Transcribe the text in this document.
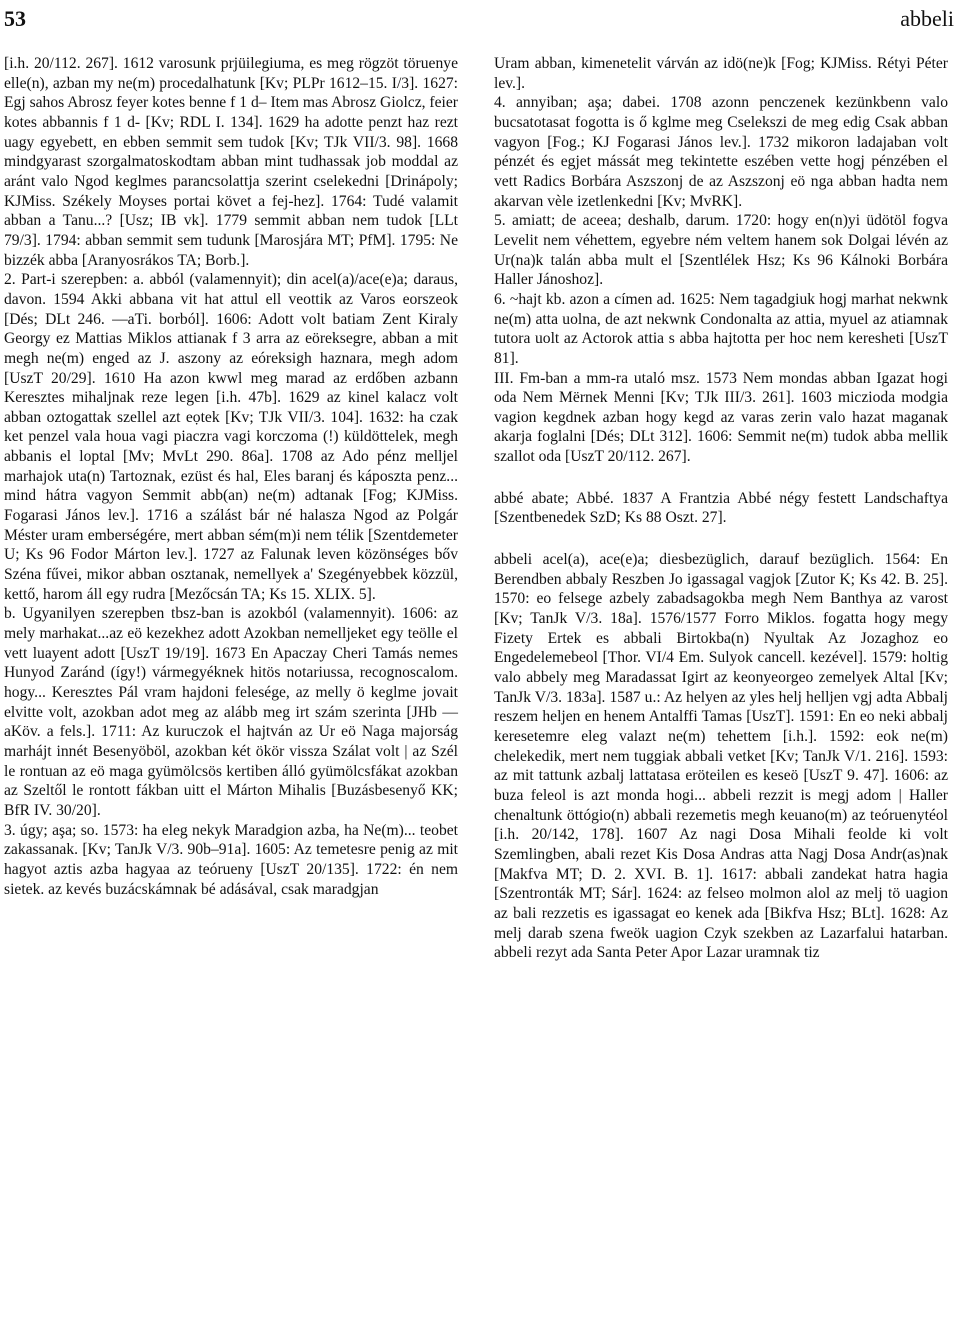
53	abbeli

[i.h. 20/112. 267]. 1612 varosunk prjüilegiuma, es meg rögzöt töruenye elle(n), azban my ne(m) procedalhatunk [Kv; PLPr 1612–15. I/3]. 1627: Egj sahos Abrosz feyer kotes benne f 1 d– Item mas Abrosz Giolcz, feier kotes abbannis f 1 d- [Kv; RDL I. 134]. 1629 ha adotte penzt haz rezt uagy egyebett, en ebben semmit sem tudok [Kv; TJk VII/3. 98]. 1668 mindgyarast szorgalmatoskodtam abban mint tudhassak job moddal az aránt valo Ngod keglmes parancsolattja szerint cselekedni [Drinápoly; KJMiss. Székely Moyses portai követ a fej-hez]. 1764: Tudé valamit abban a Tanu...? [Usz; IB vk]. 1779 semmit abban nem tudok [LLt 79/3]. 1794: abban semmit sem tudunk [Marosjára MT; PfM]. 1795: Ne bizzék abba [Aranyosrákos TA; Borb.].

2. Part-i szerepben: a. abból (valamennyit); din acel(a)/ace(e)a; daraus, davon. 1594 Akki abbana vit hat attul ell veottik az Varos eorszeok [Dés; DLt 246. —aTi. borból]. 1606: Adott volt batiam Zent Kiraly Georgy ez Mattias Miklos attianak f 3 arra az eöreksegre, abban a mit megh ne(m) enged az J. aszony az eóreksigh haznara, megh adom [UszT 20/29]. 1610 Ha azon kwwl meg marad az erdőben azbann Keresztes mihaljnak reze legen [i.h. 47b]. 1629 az kinel kalacz volt abban oztogattak szellel azt eọtek [Kv; TJk VII/3. 104]. 1632: ha czak ket penzel vala houa vagi piaczra vagi korczoma (!) küldöttelek, megh abbanis el loptal [Mv; MvLt 290. 86a]. 1708 az Ado pénz melljel marhajok uta(n) Tartoznak, ezüst és hal, Eles baranj és káposzta penz... mind hátra vagyon Semmit abb(an) ne(m) adtanak [Fog; KJMiss. Fogarasi János lev.]. 1716 a szálást bár né halasza Ngod az Polgár Méster uram emberségére, mert abban sém(m)i nem télik [Szentdemeter U; Ks 96 Fodor Márton lev.]. 1727 az Falunak leven közönséges bőv Széna fűvei, mikor abban osztanak, nemellyek a' Szegényebbek közzül, kettő, harom áll egy rudra [Mezőcsán TA; Ks 15. XLIX. 5].

b. Ugyanilyen szerepben tbsz-ban is azokból (valamennyit). 1606: az mely marhakat...az eö kezekhez adott Azokban nemelljeket egy teölle el vett luayent adott [UszT 19/19]. 1673 En Apaczay Cheri Tamás nemes Hunyod Zaránd (így!) vármegyéknek hitös notariussa, recognoscalom. hogy... Keresztes Pál vram hajdoni felesége, az melly ö keglme jovait elvitte volt, azokban adot meg az alább meg irt szám szerinta [JHb — aKöv. a fels.]. 1711: Az kuruczok el hajtván az Ur eö Naga majorság marhájt innét Besenyöböl, azokban két ökör vissza Szálat volt | az Szél le rontuan az eö maga gyümölcsös kertiben álló gyümölcsfákat azokban az Szeltől le rontott fákban uitt el Márton Mihalis [Buzásbesenyő KK; BfR IV. 30/20].

3. úgy; aşa; so. 1573: ha eleg nekyk Maradgion azba, ha Ne(m)... teobet zakassanak. [Kv; TanJk V/3. 90b–91a]. 1605: Az temetesre penig az mit hagyot aztis azba hagyaa az teórueny [UszT 20/135]. 1722: én nem sietek. az kevés buzácskámnak bé adásával, csak maradgjan

Uram abban, kimenetelit várván az idö(ne)k [Fog; KJMiss. Rétyi Péter lev.].

4. annyiban; aşa; dabei. 1708 azonn penczenek kezünkbenn valo bucsatotasat fogotta is ő kglme meg Cselekszi de meg edig Csak abban vagyon [Fog.; KJ Fogarasi János lev.]. 1732 mikoron ladajaban volt pénzét és egjet mássát meg tekintette eszében vette hogj pénzében el vett Radics Borbára Aszszonj de az Aszszonj eö nga abban hadta nem akarvan vèle izetlenkedni [Kv; MvRK].

5. amiatt; de aceea; deshalb, darum. 1720: hogy en(n)yi üdötöl fogva Levelit nem véhettem, egyebre ném veltem hanem sok Dolgai lévén az Ur(na)k talán abba mult el [Szentlélek Hsz; Ks 96 Kálnoki Borbára Haller Jánoshoz].

6. ~hajt kb. azon a címen ad. 1625: Nem tagadgiuk hogj marhat nekwnk ne(m) atta uolna, de azt nekwnk Condonalta az attia, myuel az atiamnak tutora uolt az Actorok attia s abba hajtotta per hoc nem keresheti [UszT 81].

III. Fm-ban a mm-ra utaló msz. 1573 Nem mondas abban Igazat hogi oda Nem Mërnek Menni [Kv; TJk III/3. 261]. 1603 miczioda modgia vagion kegdnek azban hogy kegd az varas zerin valo hazat maganak akarja foglalni [Dés; DLt 312]. 1606: Semmit ne(m) tudok abba mellik szallot oda [UszT 20/112. 267].

abbé abate; Abbé. 1837 A Frantzia Abbé négy festett Landschaftya [Szentbenedek SzD; Ks 88 Oszt. 27].

abbeli acel(a), ace(e)a; diesbezüglich, darauf bezüglich. 1564: En Berendben abbaly Reszben Jo igassagal vagjok [Zutor K; Ks 42. B. 25]. 1570: eo felsege azbely zabadsagokba megh Nem Banthya az varost [Kv; TanJk V/3. 18a]. 1576/1577 Forro Miklos. fogatta hogy megy Fizety Ertek es abbali Birtokba(n) Nyultak Az Jozaghoz eo Engedelemebeol [Thor. VI/4 Em. Sulyok cancell. kezével]. 1579: holtig valo abbely meg Maradassat Igirt az keonyeorgeo zemelyek Altal [Kv; TanJk V/3. 183a]. 1587 u.: Az helyen az yles helj helljen vgj adta Abbalj reszem heljen en henem Antalffi Tamas [UszT]. 1591: En eo neki abbalj keresetemre eleg valazt ne(m) tehettem [i.h.]. 1592: eok ne(m) chelekedik, mert nem tuggiak abbali vetket [Kv; TanJk V/1. 216]. 1593: az mit tattunk azbalj lattatasa eröteilen es keseö [UszT 9. 47]. 1606: az buza feleol is azt monda hogi... abbeli rezzit is megj adom | Haller chenaltunk öttógio(n) abbali rezemetis megh keuano(m) az teóruenytéol [i.h. 20/142, 178]. 1607 Az nagi Dosa Mihali feolde ki volt Szemlingben, abali rezet Kis Dosa Andras atta Nagj Dosa Andr(as)nak [Makfva MT; D. 2. XVI. B. 1]. 1617: abbali zandekat hatra hagia [Szentronták MT; Sár]. 1624: az felseo molmon alol az melj tö uagion az bali rezzetis es igassagat eo kenek ada [Bikfva Hsz; BLt]. 1628: Az melj darab szena fweök uagion Czyk szekben az Lazarfalui hatarban. abbeli rezyt ada Santa Peter Apor Lazar uramnak tiz
